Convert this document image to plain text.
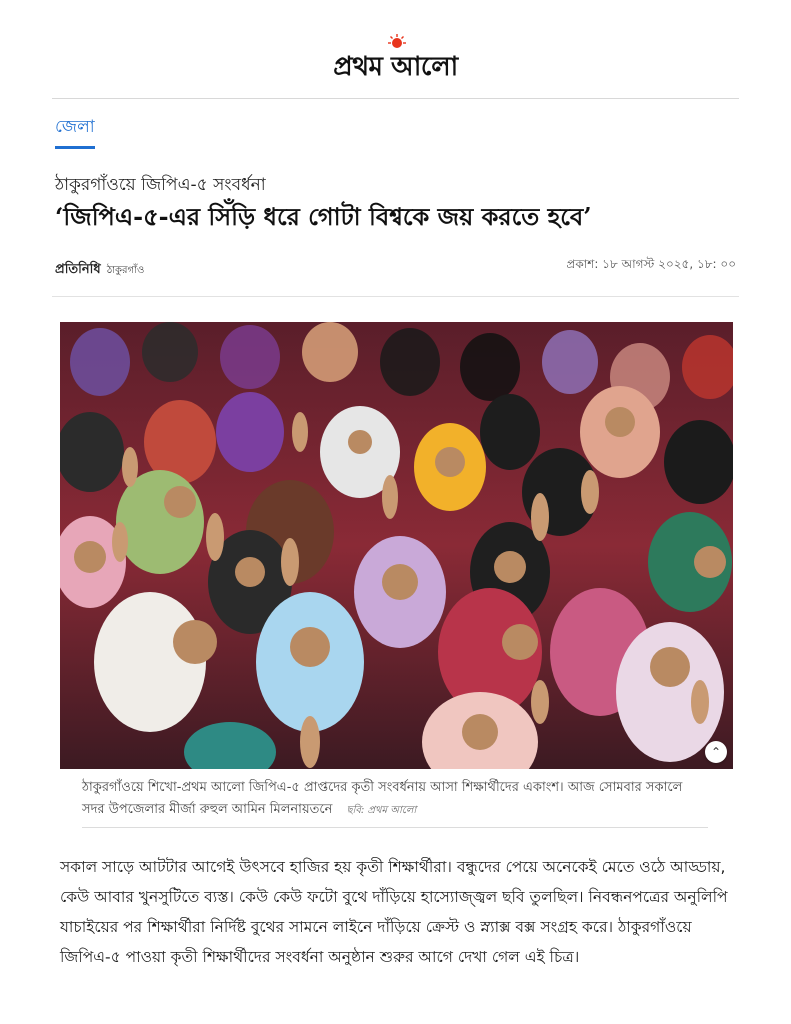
প্রথম আলো
জেলা
ঠাকুরগাঁওয়ে জিপিএ-৫ সংবর্ধনা
‘জিপিএ-৫-এর সিঁড়ি ধরে গোটা বিশ্বকে জয় করতে হবে’
প্রতিনিধি ঠাকুরগাঁও	প্রকাশ: ১৮ আগস্ট ২০২৫, ১৮: ০০
⌃
ঠাকুরগাঁওয়ে শিখো-প্রথম আলো জিপিএ-৫ প্রাপ্তদের কৃতী সংবর্ধনায় আসা শিক্ষার্থীদের একাংশ। আজ সোমবার সকালে সদর উপজেলার মীর্জা রুহুল আমিন মিলনায়তনে ছবি: প্রথম আলো

সকাল সাড়ে আটটার আগেই উৎসবে হাজির হয় কৃতী শিক্ষার্থীরা। বন্ধুদের পেয়ে অনেকেই মেতে ওঠে আড্ডায়, কেউ আবার খুনসুটিতে ব্যস্ত। কেউ কেউ ফটো বুথে দাঁড়িয়ে হাস্যোজ্জ্বল ছবি তুলছিল। নিবন্ধনপত্রের অনুলিপি যাচাইয়ের পর শিক্ষার্থীরা নির্দিষ্ট বুথের সামনে লাইনে দাঁড়িয়ে ক্রেস্ট ও স্ন্যাক্স বক্স সংগ্রহ করে। ঠাকুরগাঁওয়ে জিপিএ-৫ পাওয়া কৃতী শিক্ষার্থীদের সংবর্ধনা অনুষ্ঠান শুরুর আগে দেখা গেল এই চিত্র।
